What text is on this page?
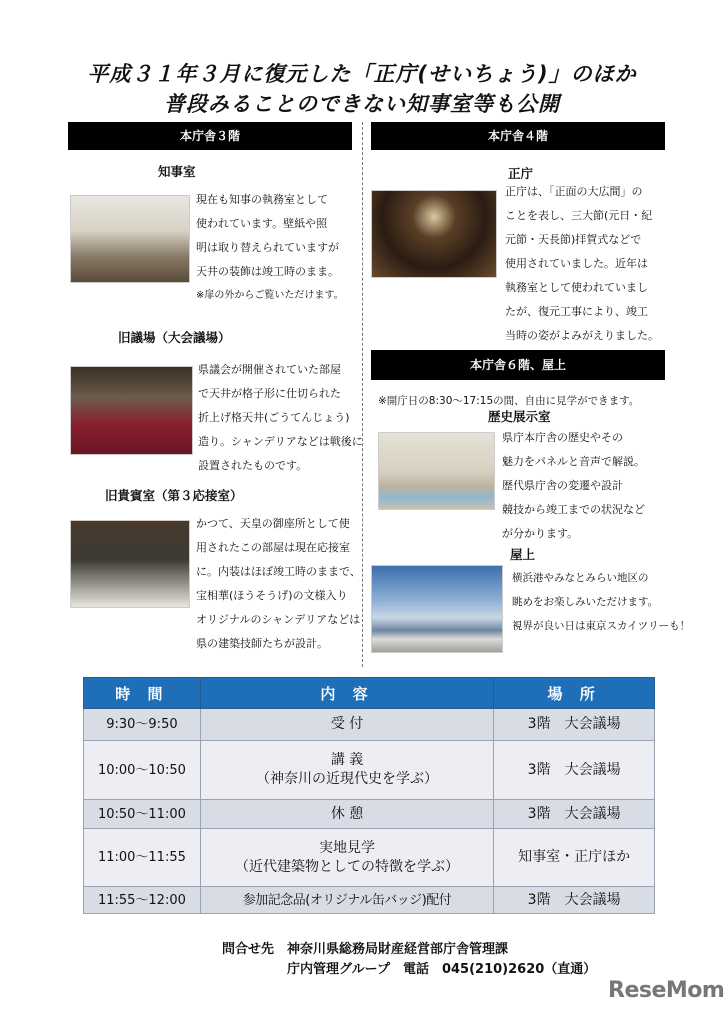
平成３１年３月に復元した「正庁(せいちょう)」のほか
普段みることのできない知事室等も公開
本庁舎３階	本庁舎４階
知事室
現在も知事の執務室として
使われています。壁紙や照
明は取り替えられていますが
天井の装飾は竣工時のまま。
※扉の外からご覧いただけます。
旧議場（大会議場）
県議会が開催されていた部屋
で天井が格子形に仕切られた
折上げ格天井(ごうてんじょう)
造り。シャンデリアなどは戦後に
設置されたものです。
旧貴賓室（第３応接室）
かつて、天皇の御座所として使
用されたこの部屋は現在応接室
に。内装はほぼ竣工時のままで、
宝相華(ほうそうげ)の文様入り
オリジナルのシャンデリアなどは
県の建築技師たちが設計。
正庁
正庁は、「正面の大広間」の
ことを表し、三大節(元日・紀
元節・天長節)拝賀式などで
使用されていました。近年は
執務室として使われていまし
たが、復元工事により、竣工
当時の姿がよみがえりました。
本庁舎６階、屋上
※開庁日の8:30～17:15の間、自由に見学ができます。
歴史展示室
県庁本庁舎の歴史やその
魅力をパネルと音声で解説。
歴代県庁舎の変遷や設計
競技から竣工までの状況など
が分かります。
屋上
横浜港やみなとみらい地区の
眺めをお楽しみいただけます。
視界が良い日は東京スカイツリーも！
時 間	内 容	場 所
9:30～9:50	受 付	3階　大会議場
10:00～10:50	講 義
（神奈川の近現代史を学ぶ）	3階　大会議場
10:50～11:00	休 憩	3階　大会議場
11:00～11:55	実地見学
（近代建築物としての特徴を学ぶ）	知事室・正庁ほか
11:55～12:00	参加記念品(オリジナル缶バッジ)配付	3階　大会議場
問合せ先　神奈川県総務局財産経営部庁舎管理課
　　　　　庁内管理グループ　電話　045(210)2620（直通）
ReseMom
